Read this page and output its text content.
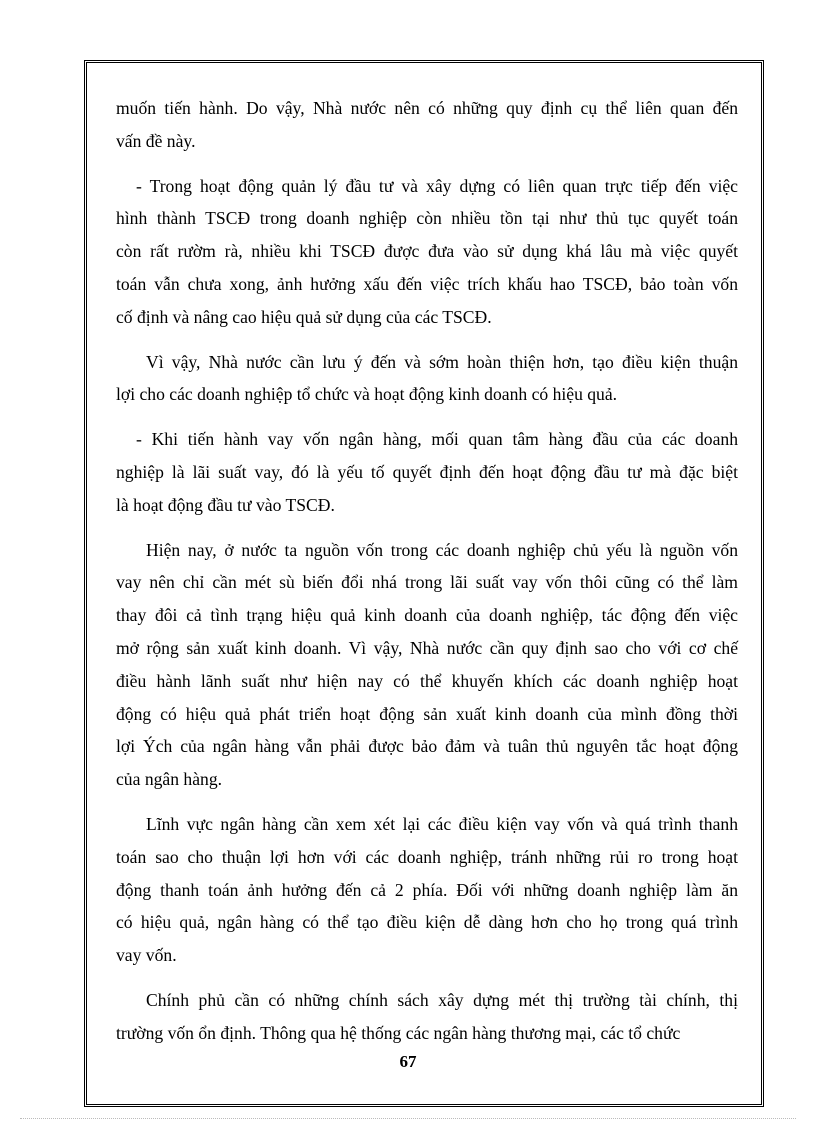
muốn tiến hành. Do vậy, Nhà nước nên có những quy định cụ thể liên quan đến
vấn đề này.
- Trong hoạt động quản lý đầu tư và xây dựng có liên quan trực tiếp đến việc
hình thành TSCĐ trong doanh nghiệp còn nhiều tồn tại như thủ tục quyết toán
còn rất rườm rà, nhiều khi TSCĐ được đưa vào sử dụng khá lâu mà việc quyết
toán vẫn chưa xong, ảnh hưởng xấu đến việc trích khấu hao TSCĐ, bảo toàn vốn
cố định và nâng cao hiệu quả sử dụng của các TSCĐ.
Vì vậy, Nhà nước cần lưu ý đến và sớm hoàn thiện hơn, tạo điều kiện thuận
lợi cho các doanh nghiệp tổ chức và hoạt động kinh doanh có hiệu quả.
- Khi tiến hành vay vốn ngân hàng, mối quan tâm hàng đầu của các doanh
nghiệp là lãi suất vay, đó là yếu tố quyết định đến hoạt động đầu tư mà đặc biệt
là hoạt động đầu tư vào TSCĐ.
Hiện nay, ở nước ta nguồn vốn trong các doanh nghiệp chủ yếu là nguồn vốn
vay nên chỉ cần mét sù biến đổi nhá trong lãi suất vay vốn thôi cũng có thể làm
thay đôi cả tình trạng hiệu quả kinh doanh của doanh nghiệp, tác động đến việc
mở rộng sản xuất kinh doanh. Vì vậy, Nhà nước cần quy định sao cho với cơ chế
điều hành lãnh suất như hiện nay có thể khuyến khích các doanh nghiệp hoạt
động có hiệu quả phát triển hoạt động sản xuất kinh doanh của mình đồng thời
lợi Ých của ngân hàng vẫn phải được bảo đảm và tuân thủ nguyên tắc hoạt động
của ngân hàng.
Lĩnh vực ngân hàng cần xem xét lại các điều kiện vay vốn và quá trình thanh
toán sao cho thuận lợi hơn với các doanh nghiệp, tránh những rủi ro trong hoạt
động thanh toán ảnh hưởng đến cả 2 phía. Đối với những doanh nghiệp làm ăn
có hiệu quả, ngân hàng có thể tạo điều kiện dễ dàng hơn cho họ trong quá trình
vay vốn.
Chính phủ cần có những chính sách xây dựng mét thị trường tài chính, thị
trường vốn ổn định. Thông qua hệ thống các ngân hàng thương mại, các tổ chức
67
